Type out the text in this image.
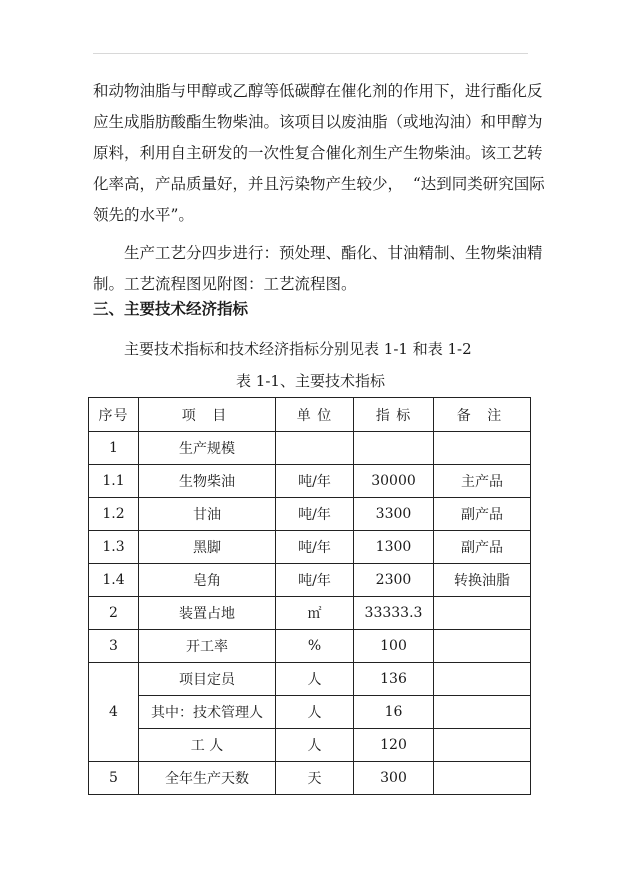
和动物油脂与甲醇或乙醇等低碳醇在催化剂的作用下，进行酯化反
应生成脂肪酸酯生物柴油。该项目以废油脂（或地沟油）和甲醇为
原料，利用自主研发的一次性复合催化剂生产生物柴油。该工艺转
化率高，产品质量好，并且污染物产生较少，  “达到同类研究国际
领先的水平”。
生产工艺分四步进行：预处理、酯化、甘油精制、生物柴油精
制。工艺流程图见附图：工艺流程图。
三、主要技术经济指标
主要技术指标和技术经济指标分别见表 1-1 和表 1-2
表 1-1、主要技术指标
序号	项 目	单 位	指 标	备 注
1	生产规模			
1.1	生物柴油	吨/年	30000	主产品
1.2	甘油	吨/年	3300	副产品
1.3	黑脚	吨/年	1300	副产品
1.4	皂角	吨/年	2300	转换油脂
2	装置占地	㎡	33333.3	
3	开工率	%	100	
4	项目定员	人	136	
	其中：技术管理人	人	16	
	工 人	人	120	
5	全年生产天数	天	300	
